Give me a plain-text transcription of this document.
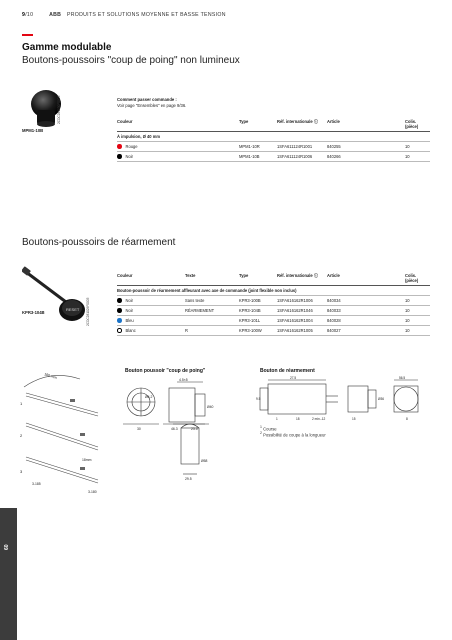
9/10	ABB PRODUITS ET SOLUTIONS MOYENNE ET BASSE TENSION
Gamme modulable
Boutons-poussoirs "coup de poing" non lumineux
2CDC281030F0005
MPM1-10B
Comment passer commande :
Voir page "Ensembles" en page 9/36.
Couleur	Type	Réf. internationale ⓘ	Article	Colis. (pièce)
À impulsion, Ø 40 mm				
Rouge	MPM1-10R	1SFA611124R1001	840255	10
Noir	MPM1-10B	1SFA611124R1006	840266	10
Boutons-poussoirs de réarmement
RESET 2CDC281029F0005
KPR3-104B
Couleur	Texte	Type	Réf. internationale ⓘ	Article	Colis. (pièce)
Bouton-poussoir de réarmement affleurant avec axe de commande (joint flexible non inclus)					
Noir	Sans texte	KPR3-100B	1SFA616162R1006	840034	10
Noir	RÉARMEMENT	KPR3-104B	1SFA616162R1046	840033	10
Bleu		KPR3-101L	1SFA616162R1004	840028	10
Blanc	R	KPR3-100W	1SFA616162R1005	840027	10
180 mm
1
2
3
18mm
3-185
3-180
Bouton poussoir "coup de poing"
4.5×5
Ø4.2
Ø40
30	46.3	23.5
Ø58
29.5
Bouton de réarmement
27.5	56.5
9.5	Ø36
1	18	15	8
2 min.-12
$^1$ Course
$^2$ Possibilité de coupe à la longueur
60
